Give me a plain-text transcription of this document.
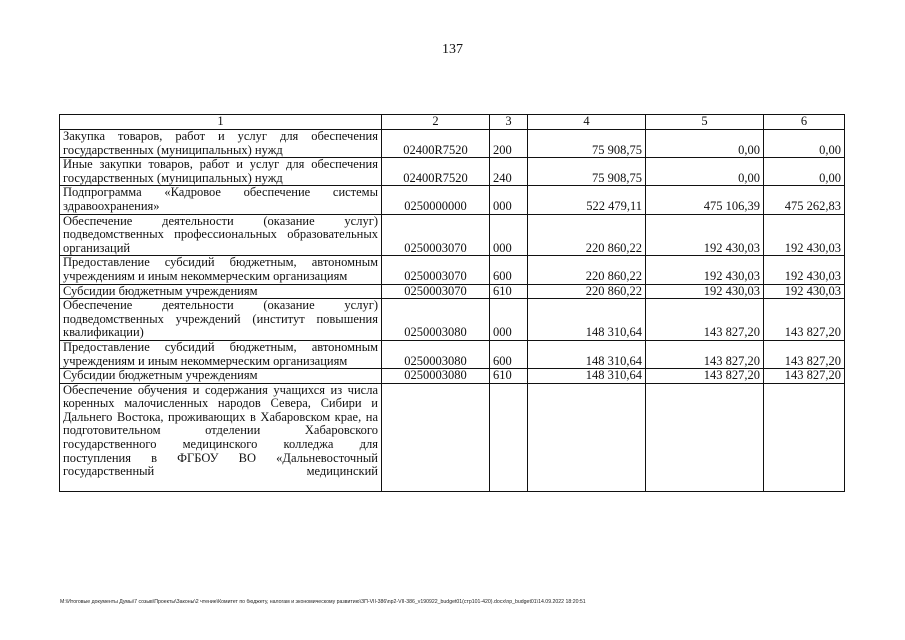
137
1	2	3	4	5	6
Закупка товаров, работ и услуг для обеспечения государственных (муниципальных) нужд	02400R7520	200	75 908,75	0,00	0,00
Иные закупки товаров, работ и услуг для обеспечения государственных (муниципальных) нужд	02400R7520	240	75 908,75	0,00	0,00
Подпрограмма «Кадровое обеспечение системы здравоохранения»	0250000000	000	522 479,11	475 106,39	475 262,83
Обеспечение деятельности (оказание услуг) подведомственных профессиональных образовательных организаций	0250003070	000	220 860,22	192 430,03	192 430,03
Предоставление субсидий бюджетным, автономным учреждениям и иным некоммерческим организациям	0250003070	600	220 860,22	192 430,03	192 430,03
Субсидии бюджетным учреждениям	0250003070	610	220 860,22	192 430,03	192 430,03
Обеспечение деятельности (оказание услуг) подведомственных учреждений (институт повышения квалификации)	0250003080	000	148 310,64	143 827,20	143 827,20
Предоставление субсидий бюджетным, автономным учреждениям и иным некоммерческим организациям	0250003080	600	148 310,64	143 827,20	143 827,20
Субсидии бюджетным учреждениям	0250003080	610	148 310,64	143 827,20	143 827,20
Обеспечение обучения и содержания учащихся из числа коренных малочисленных народов Севера, Сибири и Дальнего Востока, проживающих в Хабаровском крае, на подготовительном отделении Хабаровского государственного медицинского колледжа для поступления в ФГБОУ ВО «Дальневосточный государственный медицинский					
M:\Итоговые документы Думы\7 созыв\Проекты\Законы\2 чтение\Комитет по бюджету, налогам и экономическому развитию\ЗП-VII-386\np2-VII-386_v190922_budget01(стр101-420).docx\np_budget01\14.09.2022 18:20:51
